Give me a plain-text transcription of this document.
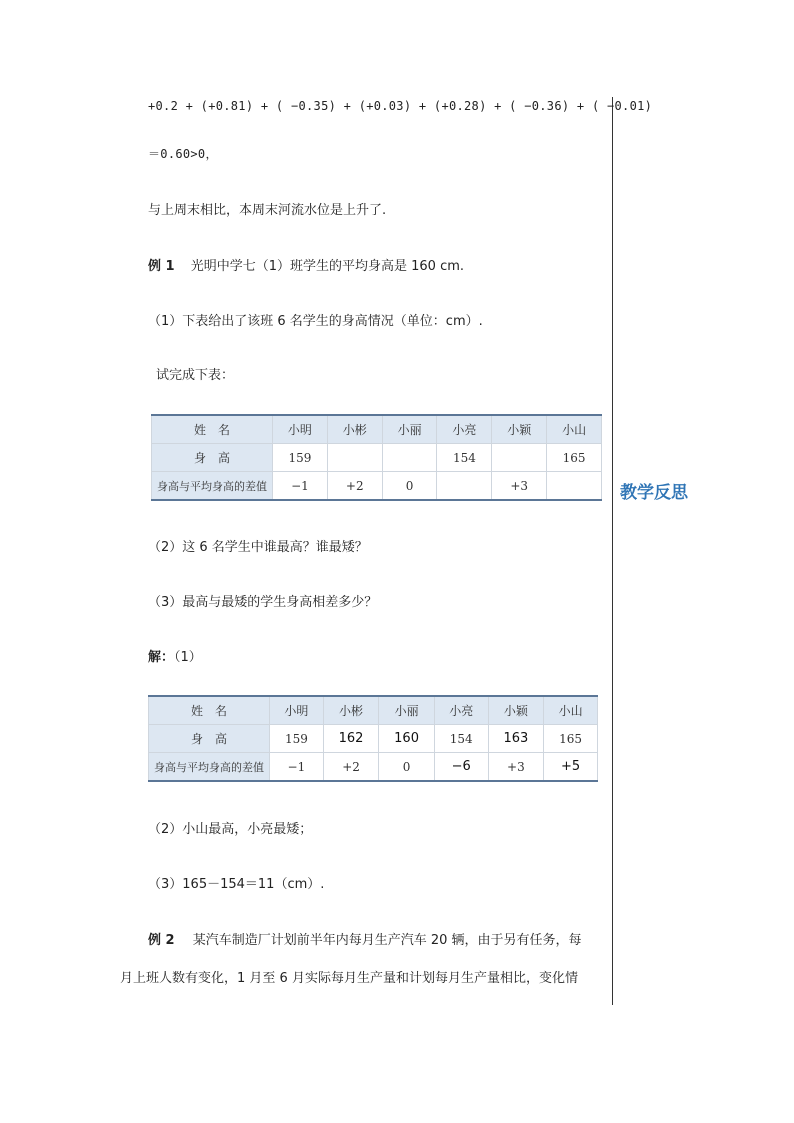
教学反思
+0.2 + (+0.81) + ( −0.35) + (+0.03) + (+0.28) + ( −0.36) + ( −0.01)
＝0.60>0，
与上周末相比，本周末河流水位是上升了.
例 1 光明中学七（1）班学生的平均身高是 160 cm.
（1）下表给出了该班 6 名学生的身高情况（单位：cm）.
试完成下表：
姓　名	小明	小彬	小丽	小亮	小颖	小山
身　高	159			154		165
身高与平均身高的差值	−1	+2	0		+3	
（2）这 6 名学生中谁最高？谁最矮？
（3）最高与最矮的学生身高相差多少？
解：（1）
姓　名	小明	小彬	小丽	小亮	小颖	小山
身　高	159	162	160	154	163	165
身高与平均身高的差值	−1	+2	0	−6	+3	+5
（2）小山最高，小亮最矮；
（3）165－154＝11（cm）.
例 2 某汽车制造厂计划前半年内每月生产汽车 20 辆，由于另有任务，每
月上班人数有变化，1 月至 6 月实际每月生产量和计划每月生产量相比，变化情
